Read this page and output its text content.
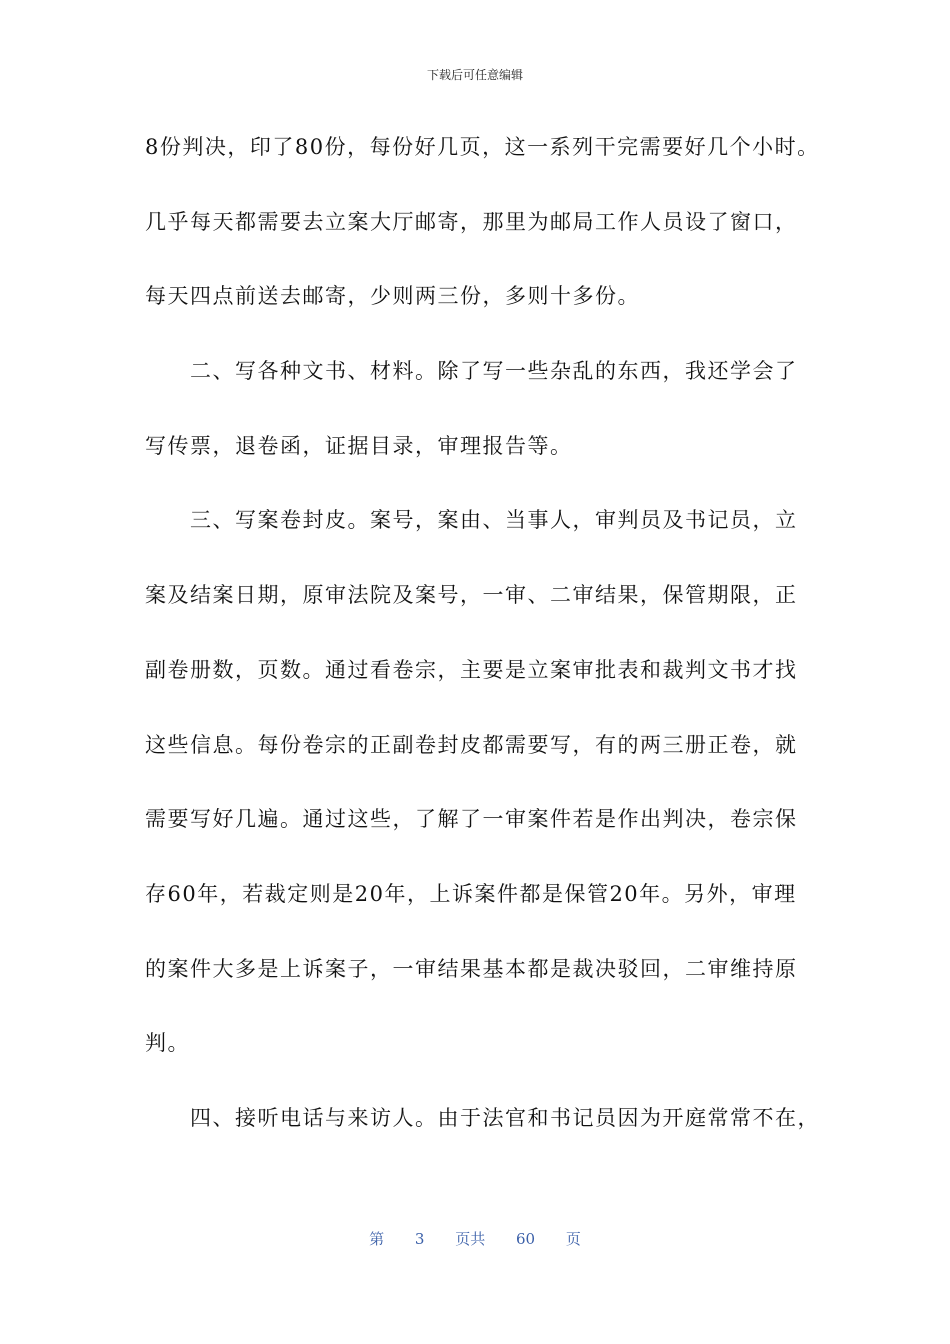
下载后可任意编辑

8份判决，印了80份，每份好几页，这一系列干完需要好几个小时。

几乎每天都需要去立案大厅邮寄，那里为邮局工作人员设了窗口，

每天四点前送去邮寄，少则两三份，多则十多份。

二、写各种文书、材料。除了写一些杂乱的东西，我还学会了

写传票，退卷函，证据目录，审理报告等。

三、写案卷封皮。案号，案由、当事人，审判员及书记员，立

案及结案日期，原审法院及案号，一审、二审结果，保管期限，正

副卷册数，页数。通过看卷宗，主要是立案审批表和裁判文书才找

这些信息。每份卷宗的正副卷封皮都需要写，有的两三册正卷，就

需要写好几遍。通过这些，了解了一审案件若是作出判决，卷宗保

存60年，若裁定则是20年，上诉案件都是保管20年。另外，审理

的案件大多是上诉案子，一审结果基本都是裁决驳回，二审维持原

判。

四、接听电话与来访人。由于法官和书记员因为开庭常常不在，

第 3 页共 60 页
